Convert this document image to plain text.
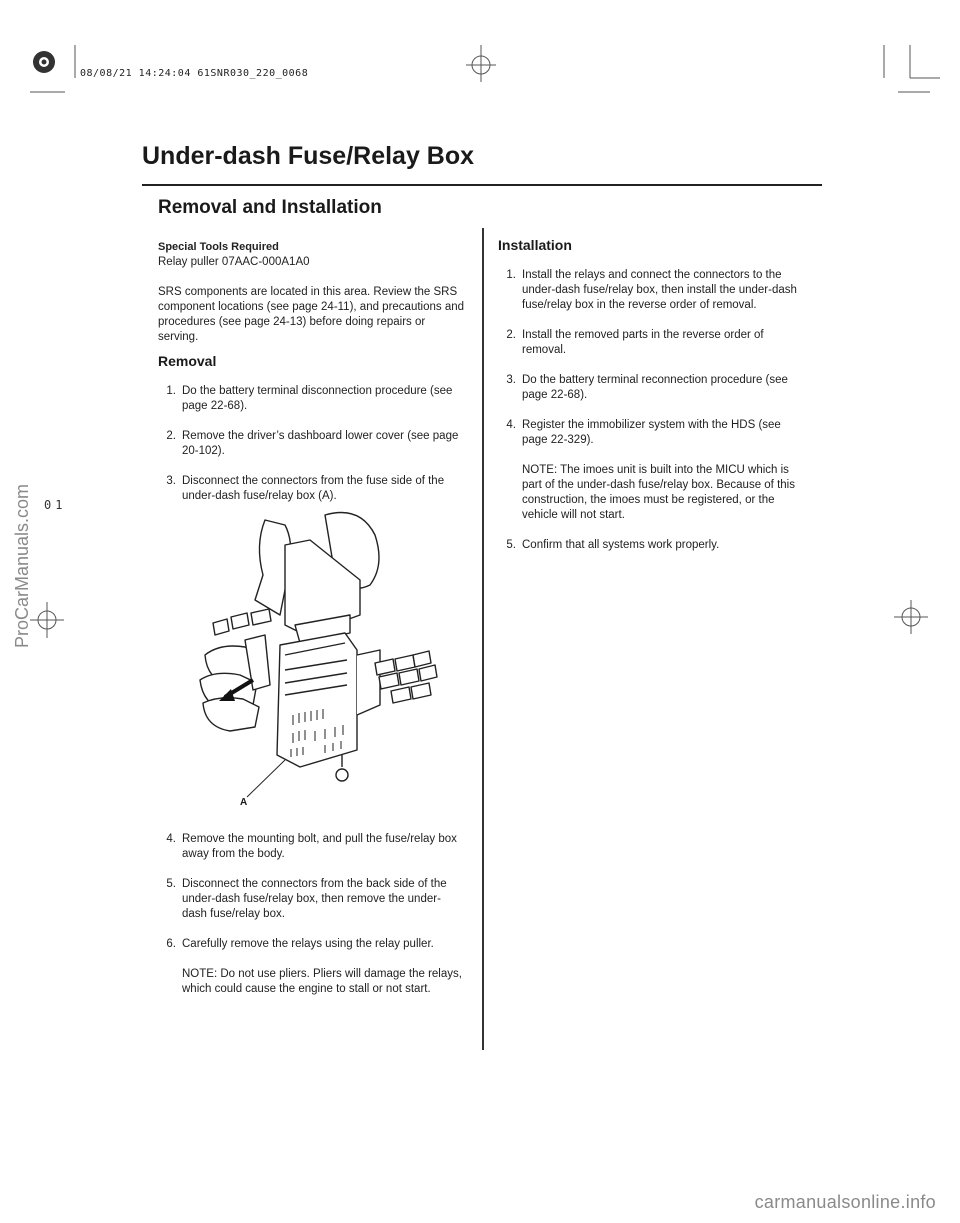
08/08/21 14:24:04 61SNR030_220_0068
ProCarManuals.com 01
Under-dash Fuse/Relay Box
Removal and Installation
Special Tools Required
Relay puller 07AAC-000A1A0
SRS components are located in this area. Review the SRS component locations (see page 24-11), and precautions and procedures (see page 24-13) before doing repairs or serving.
Removal
1. Do the battery terminal disconnection procedure (see page 22-68).
2. Remove the driver’s dashboard lower cover (see page 20-102).
3. Disconnect the connectors from the fuse side of the under-dash fuse/relay box (A).
A
4. Remove the mounting bolt, and pull the fuse/relay box away from the body.
5. Disconnect the connectors from the back side of the under-dash fuse/relay box, then remove the under-dash fuse/relay box.
6. Carefully remove the relays using the relay puller.
NOTE: Do not use pliers. Pliers will damage the relays, which could cause the engine to stall or not start.
Installation
1. Install the relays and connect the connectors to the under-dash fuse/relay box, then install the under-dash fuse/relay box in the reverse order of removal.
2. Install the removed parts in the reverse order of removal.
3. Do the battery terminal reconnection procedure (see page 22-68).
4. Register the immobilizer system with the HDS (see page 22-329).
NOTE: The imoes unit is built into the MICU which is part of the under-dash fuse/relay box. Because of this construction, the imoes must be registered, or the vehicle will not start.
5. Confirm that all systems work properly.
carmanualsonline.info
